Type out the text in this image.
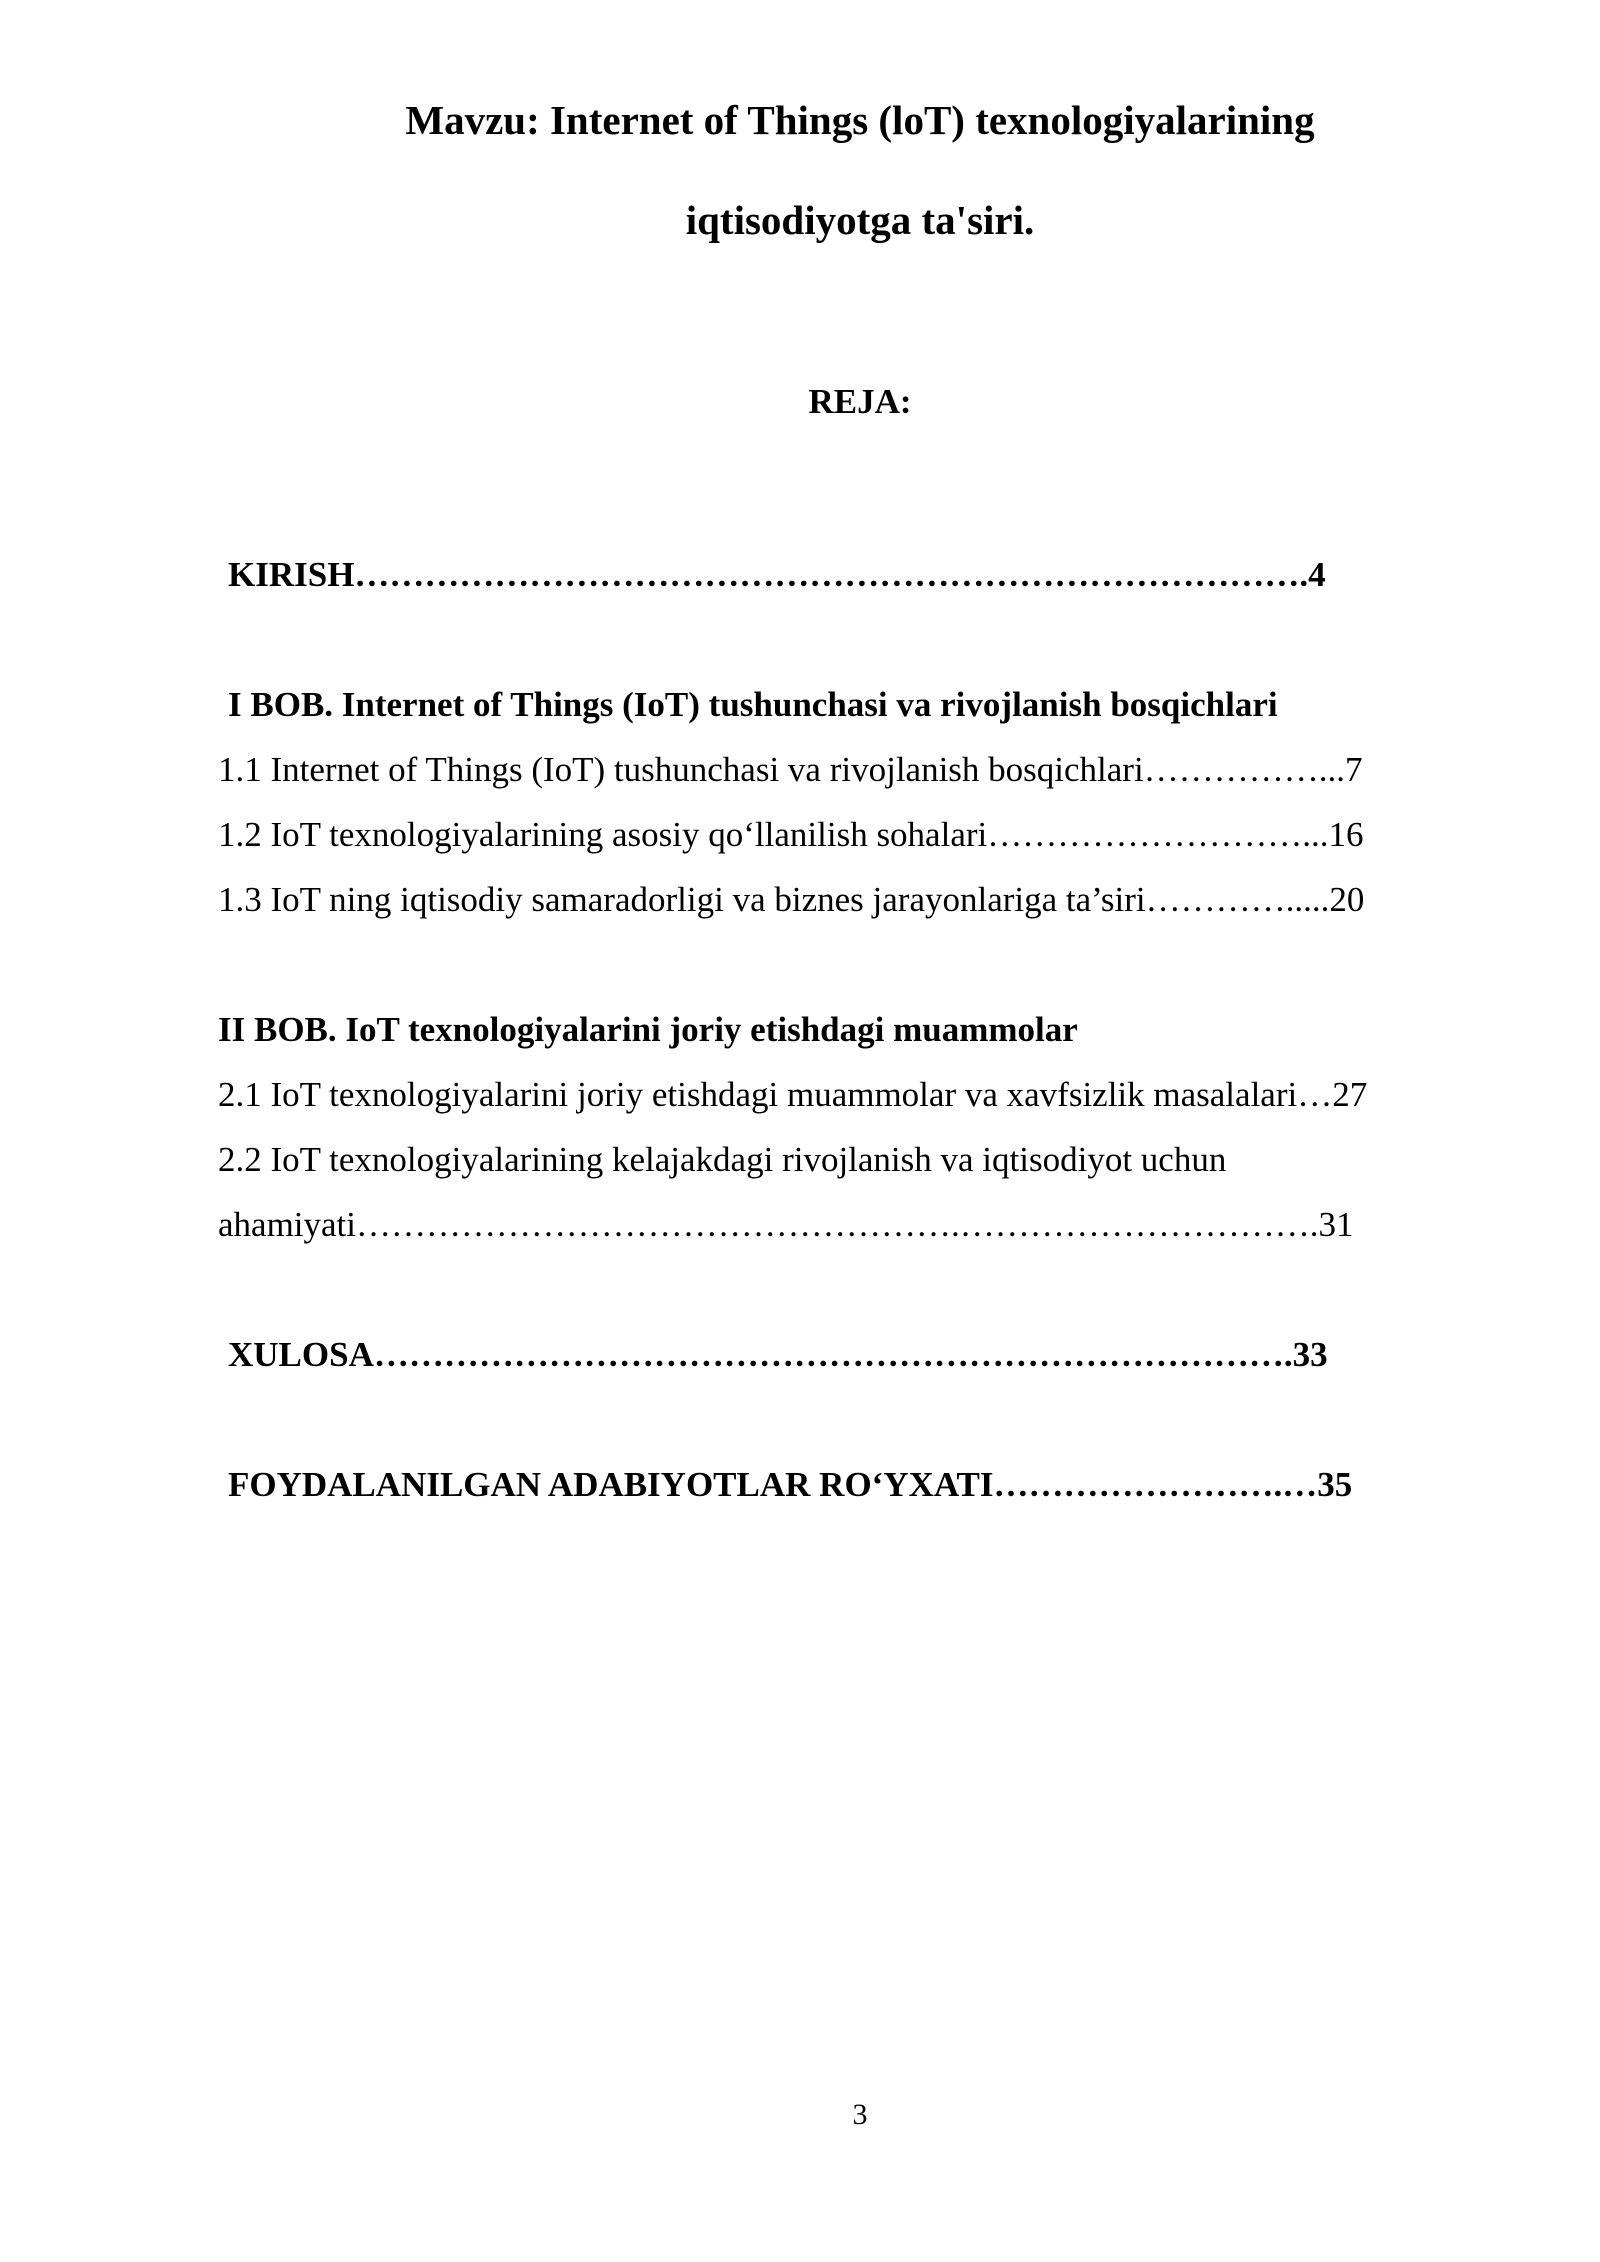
Mavzu: Internet of Things (loT) texnologiyalarining
iqtisodiyotga ta'siri.
REJA:
KIRISH……………………………………………………………………….4
I BOB. Internet of Things (IoT) tushunchasi va rivojlanish bosqichlari
1.1 Internet of Things (IoT) tushunchasi va rivojlanish bosqichlari……………...7
1.2 IoT texnologiyalarining asosiy qo‘llanilish sohalari………………………...16
1.3 IoT ning iqtisodiy samaradorligi va biznes jarayonlariga ta’siri………….....20
II BOB. IoT texnologiyalarini joriy etishdagi muammolar
2.1 IoT texnologiyalarini joriy etishdagi muammolar va xavfsizlik masalalari…27
2.2 IoT texnologiyalarining kelajakdagi rivojlanish va iqtisodiyot uchun
ahamiyati…………………………………………….………………………….31
XULOSA…………………………………………………………………….33
FOYDALANILGAN ADABIYOTLAR RO‘YXATI…………………….…35
3
